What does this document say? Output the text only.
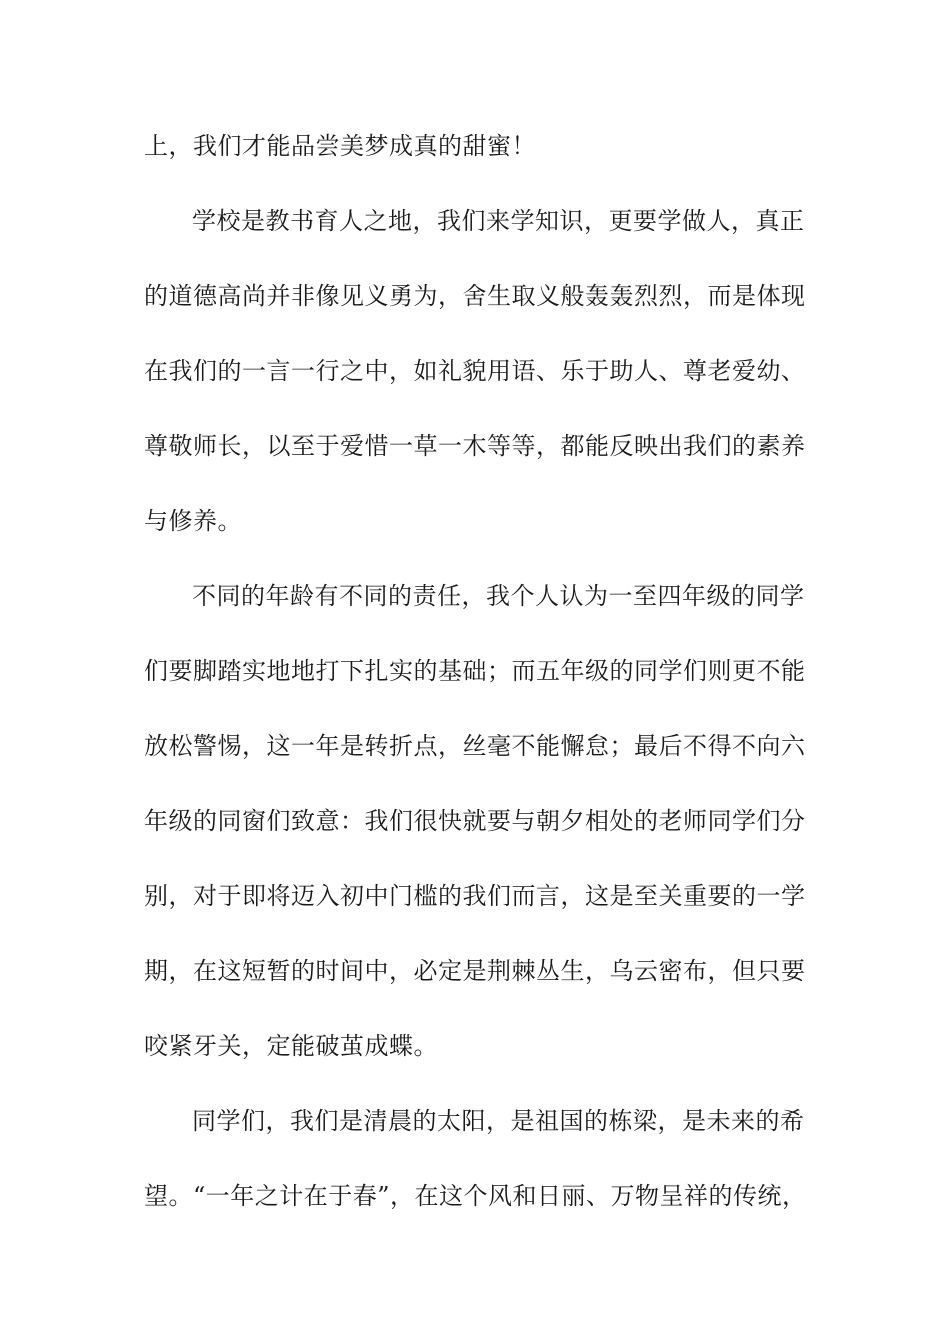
上，我们才能品尝美梦成真的甜蜜！
学校是教书育人之地，我们来学知识，更要学做人，真正
的道德高尚并非像见义勇为，舍生取义般轰轰烈烈，而是体现
在我们的一言一行之中，如礼貌用语、乐于助人、尊老爱幼、
尊敬师长，以至于爱惜一草一木等等，都能反映出我们的素养
与修养。
不同的年龄有不同的责任，我个人认为一至四年级的同学
们要脚踏实地地打下扎实的基础；而五年级的同学们则更不能
放松警惕，这一年是转折点，丝毫不能懈怠；最后不得不向六
年级的同窗们致意：我们很快就要与朝夕相处的老师同学们分
别，对于即将迈入初中门槛的我们而言，这是至关重要的一学
期，在这短暂的时间中，必定是荆棘丛生，乌云密布，但只要
咬紧牙关，定能破茧成蝶。
同学们，我们是清晨的太阳，是祖国的栋梁，是未来的希
望。“一年之计在于春”，在这个风和日丽、万物呈祥的传统，
